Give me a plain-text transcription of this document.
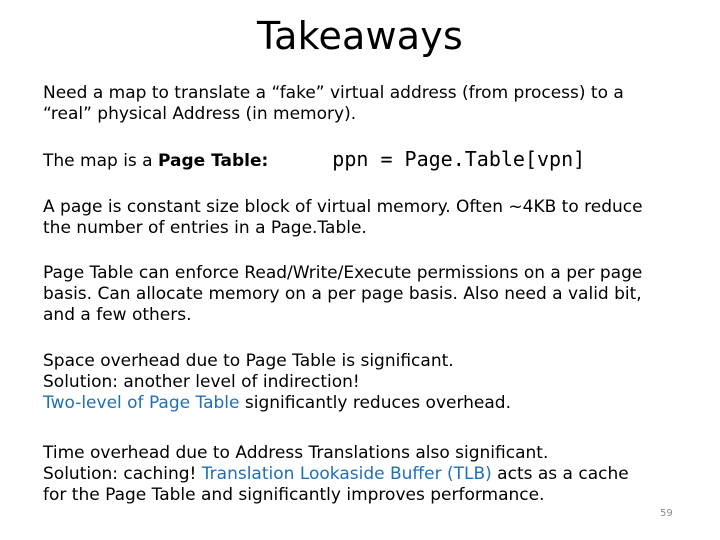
Takeaways
Need a map to translate a “fake” virtual address (from process) to a
“real” physical Address (in memory).
The map is a Page Table:	ppn = Page.Table[vpn]
A page is constant size block of virtual memory. Often ~4KB to reduce
the number of entries in a Page.Table.
Page Table can enforce Read/Write/Execute permissions on a per page
basis. Can allocate memory on a per page basis. Also need a valid bit,
and a few others.
Space overhead due to Page Table is significant.
Solution: another level of indirection!
Two-level of Page Table significantly reduces overhead.
Time overhead due to Address Translations also significant.
Solution: caching! Translation Lookaside Buffer (TLB) acts as a cache
for the Page Table and significantly improves performance.
59
